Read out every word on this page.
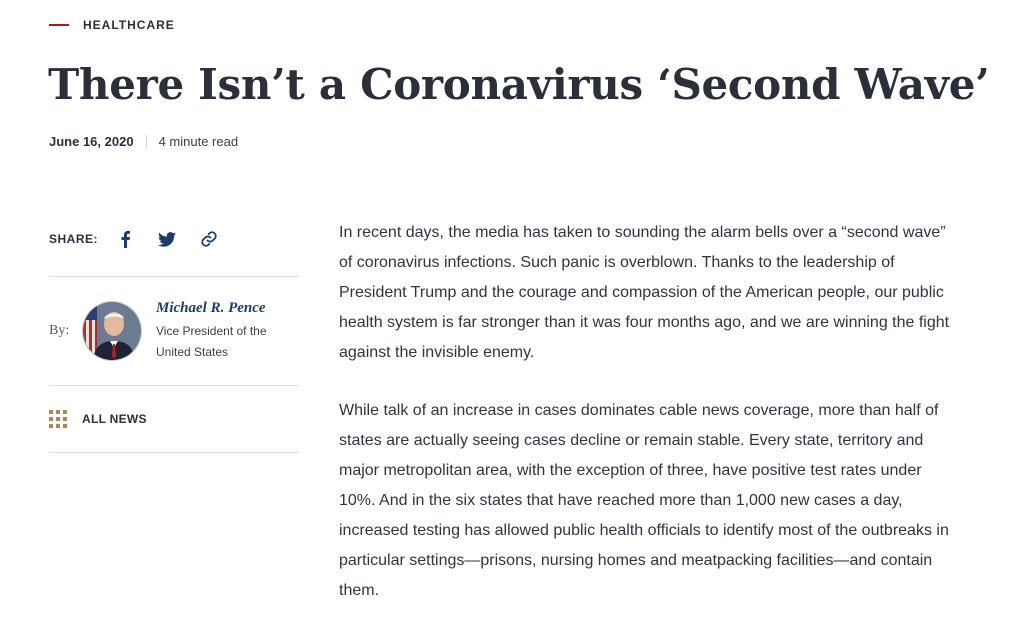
HEALTHCARE
There Isn’t a Coronavirus ‘Second Wave’
June 16, 2020 4 minute read
SHARE:
By:
Michael R. Pence
Vice President of the United States
ALL NEWS

In recent days, the media has taken to sounding the alarm bells over a “second wave” of coronavirus infections. Such panic is overblown. Thanks to the leadership of President Trump and the courage and compassion of the American people, our public health system is far stronger than it was four months ago, and we are winning the fight against the invisible enemy.

While talk of an increase in cases dominates cable news coverage, more than half of states are actually seeing cases decline or remain stable. Every state, territory and major metropolitan area, with the exception of three, have positive test rates under 10%. And in the six states that have reached more than 1,000 new cases a day, increased testing has allowed public health officials to identify most of the outbreaks in particular settings—prisons, nursing homes and meatpacking facilities—and contain them.
